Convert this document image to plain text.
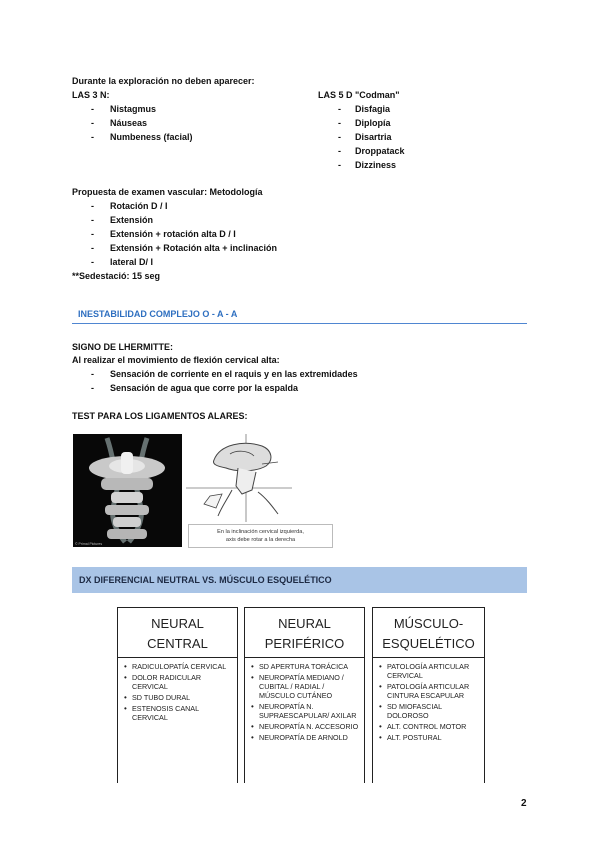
Durante la exploración no deben aparecer:
LAS 3 N:
- Nistagmus
- Náuseas
- Numbeness (facial)
LAS 5 D "Codman"
- Disfagia
- Diplopía
- Disartria
- Droppatack
- Dizziness
Propuesta de examen vascular: Metodología
- Rotación D / I
- Extensión
- Extensión + rotación alta D / I
- Extensión + Rotación alta + inclinación
- lateral D/ I
**Sedestació: 15 seg
INESTABILIDAD COMPLEJO O - A - A
SIGNO DE LHERMITTE:
Al realizar el movimiento de flexión cervical alta:
- Sensación de corriente en el raquis y en las extremidades
- Sensación de agua que corre por la espalda
TEST PARA LOS LIGAMENTOS ALARES:
© Primal Pictures
En la inclinación cervical izquierda,
axis debe rotar a la derecha
DX DIFERENCIAL NEUTRAL VS. MÚSCULO ESQUELÉTICO
NEURAL
CENTRAL
• RADICULOPATÍA CERVICAL
• DOLOR RADICULAR CERVICAL
• SD TUBO DURAL
• ESTENOSIS CANAL CERVICAL
NEURAL
PERIFÉRICO
• SD APERTURA TORÁCICA
• NEUROPATÍA MEDIANO / CUBITAL / RADIAL / MÚSCULO CUTÁNEO
• NEUROPATÍA N. SUPRAESCAPULAR/ AXILAR
• NEUROPATÍA N. ACCESORIO
• NEUROPATÍA DE ARNOLD
MÚSCULO-
ESQUELÉTICO
• PATOLOGÍA ARTICULAR CERVICAL
• PATOLOGÍA ARTICULAR CINTURA ESCAPULAR
• SD MIOFASCIAL DOLOROSO
• ALT. CONTROL MOTOR
• ALT. POSTURAL
2
